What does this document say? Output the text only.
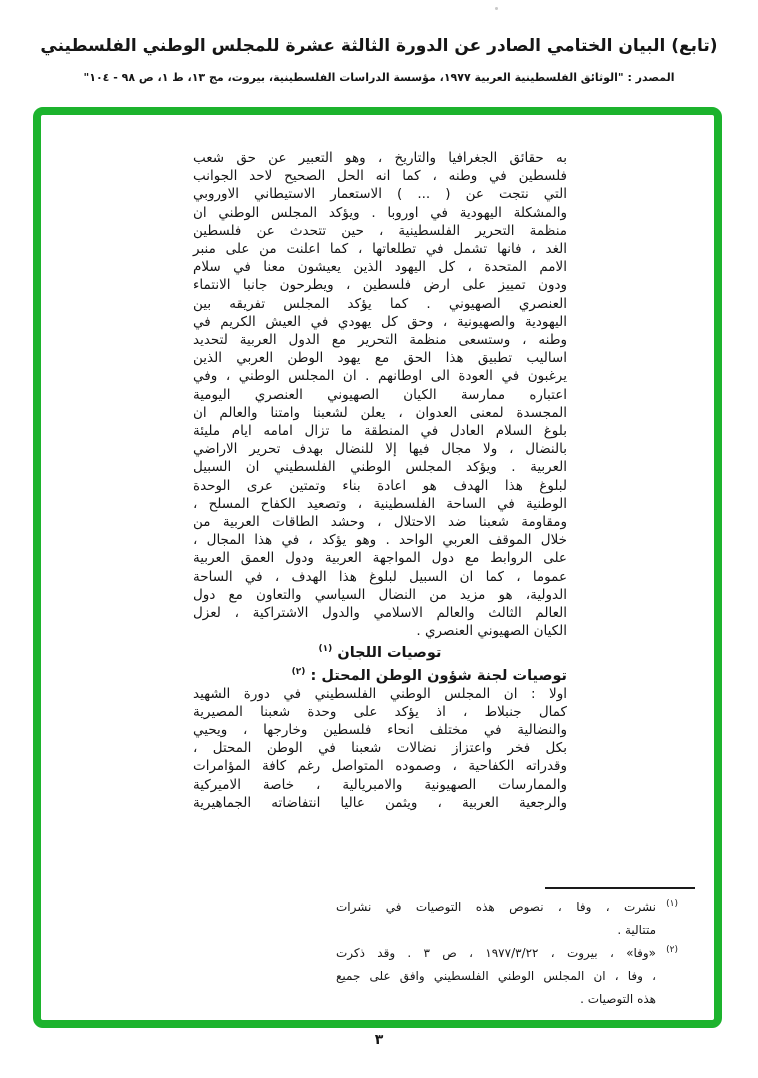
(تابع) البيان الختامي الصادر عن الدورة الثالثة عشرة للمجلس الوطني الفلسطيني
المصدر : "الوثائق الفلسطينية العربية ١٩٧٧، مؤسسة الدراسات الفلسطينية، بيروت، مج ١٣، ط ١، ص ٩٨ - ١٠٤"
به حقائق الجغرافيا والتاريخ ، وهو التعبير عن حق شعب
فلسطين في وطنه ، كما انه الحل الصحيح لاحد الجوانب
التي نتجت عن ( ... ) الاستعمار الاستيطاني الاوروبي
والمشكلة اليهودية في اوروبا . ويؤكد المجلس الوطني ان
منظمة التحرير الفلسطينية ، حين تتحدث عن فلسطين
الغد ، فانها تشمل في تطلعاتها ، كما اعلنت من على منبر
الامم المتحدة ، كل اليهود الذين يعيشون معنا في سلام
ودون تمييز على ارض فلسطين ، ويطرحون جانبا الانتماء
العنصري الصهيوني . كما يؤكد المجلس تفريقه بين
اليهودية والصهيونية ، وحق كل يهودي في العيش الكريم في
وطنه ، وستسعى منظمة التحرير مع الدول العربية لتحديد
اساليب تطبيق هذا الحق مع يهود الوطن العربي الذين
يرغبون في العودة الى اوطانهم . ان المجلس الوطني ، وفي
اعتباره ممارسة الكيان الصهيوني العنصري اليومية
المجسدة لمعنى العدوان ، يعلن لشعبنا وامتنا والعالم ان
بلوغ السلام العادل في المنطقة ما تزال امامه ايام مليئة
بالنضال ، ولا مجال فيها إلا للنضال بهدف تحرير الاراضي
العربية . ويؤكد المجلس الوطني الفلسطيني ان السبيل
لبلوغ هذا الهدف هو اعادة بناء وتمتين عرى الوحدة
الوطنية في الساحة الفلسطينية ، وتصعيد الكفاح المسلح ،
ومقاومة شعبنا ضد الاحتلال ، وحشد الطاقات العربية من
خلال الموقف العربي الواحد . وهو يؤكد ، في هذا المجال ،
على الروابط مع دول المواجهة العربية ودول العمق العربية
عموما ، كما ان السبيل لبلوغ هذا الهدف ، في الساحة
الدولية، هو مزيد من النضال السياسي والتعاون مع دول
العالم الثالث والعالم الاسلامي والدول الاشتراكية ، لعزل
الكيان الصهيوني العنصري .
توصيات اللجان $^{(١)}$
توصيات لجنة شؤون الوطن المحتل : $^{(٢)}$
اولا : ان المجلس الوطني الفلسطيني في دورة الشهيد
كمال جنبلاط ، اذ يؤكد على وحدة شعبنا المصيرية
والنضالية في مختلف انحاء فلسطين وخارجها ، ويحيي
بكل فخر واعتزاز نضالات شعبنا في الوطن المحتل ،
وقدراته الكفاحية ، وصموده المتواصل رغم كافة المؤامرات
والممارسات الصهيونية والامبريالية ، خاصة الاميركية
والرجعية العربية ، ويثمن عاليا انتفاضاته الجماهيرية
(١)
نشرت ، وفا ، نصوص هذه التوصيات في نشرات
متتالية .
(٢)
«وفا» ، بيروت ، ١٩٧٧/٣/٢٢ ، ص ٣ . وقد ذكرت
، وفا ، ان المجلس الوطني الفلسطيني وافق على جميع
هذه التوصيات .
٣
